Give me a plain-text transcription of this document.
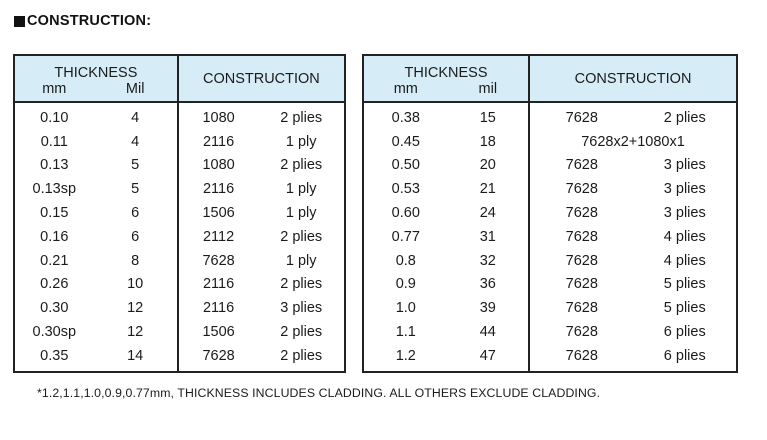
CONSTRUCTION:
THICKNESS		CONSTRUCTION	
mm	Mil		
0.10	4	1080	2 plies
0.11	4	2116	1 ply
0.13	5	1080	2 plies
0.13sp	5	2116	1 ply
0.15	6	1506	1 ply
0.16	6	2112	2 plies
0.21	8	7628	1 ply
0.26	10	2116	2 plies
0.30	12	2116	3 plies
0.30sp	12	1506	2 plies
0.35	14	7628	2 plies
THICKNESS		CONSTRUCTION	
mm	mil		
0.38	15	7628	2 plies
0.45	18	7628x2+1080x1	
0.50	20	7628	3 plies
0.53	21	7628	3 plies
0.60	24	7628	3 plies
0.77	31	7628	4 plies
0.8	32	7628	4 plies
0.9	36	7628	5 plies
1.0	39	7628	5 plies
1.1	44	7628	6 plies
1.2	47	7628	6 plies
*1.2,1.1,1.0,0.9,0.77mm, THICKNESS INCLUDES CLADDING. ALL OTHERS EXCLUDE CLADDING.
